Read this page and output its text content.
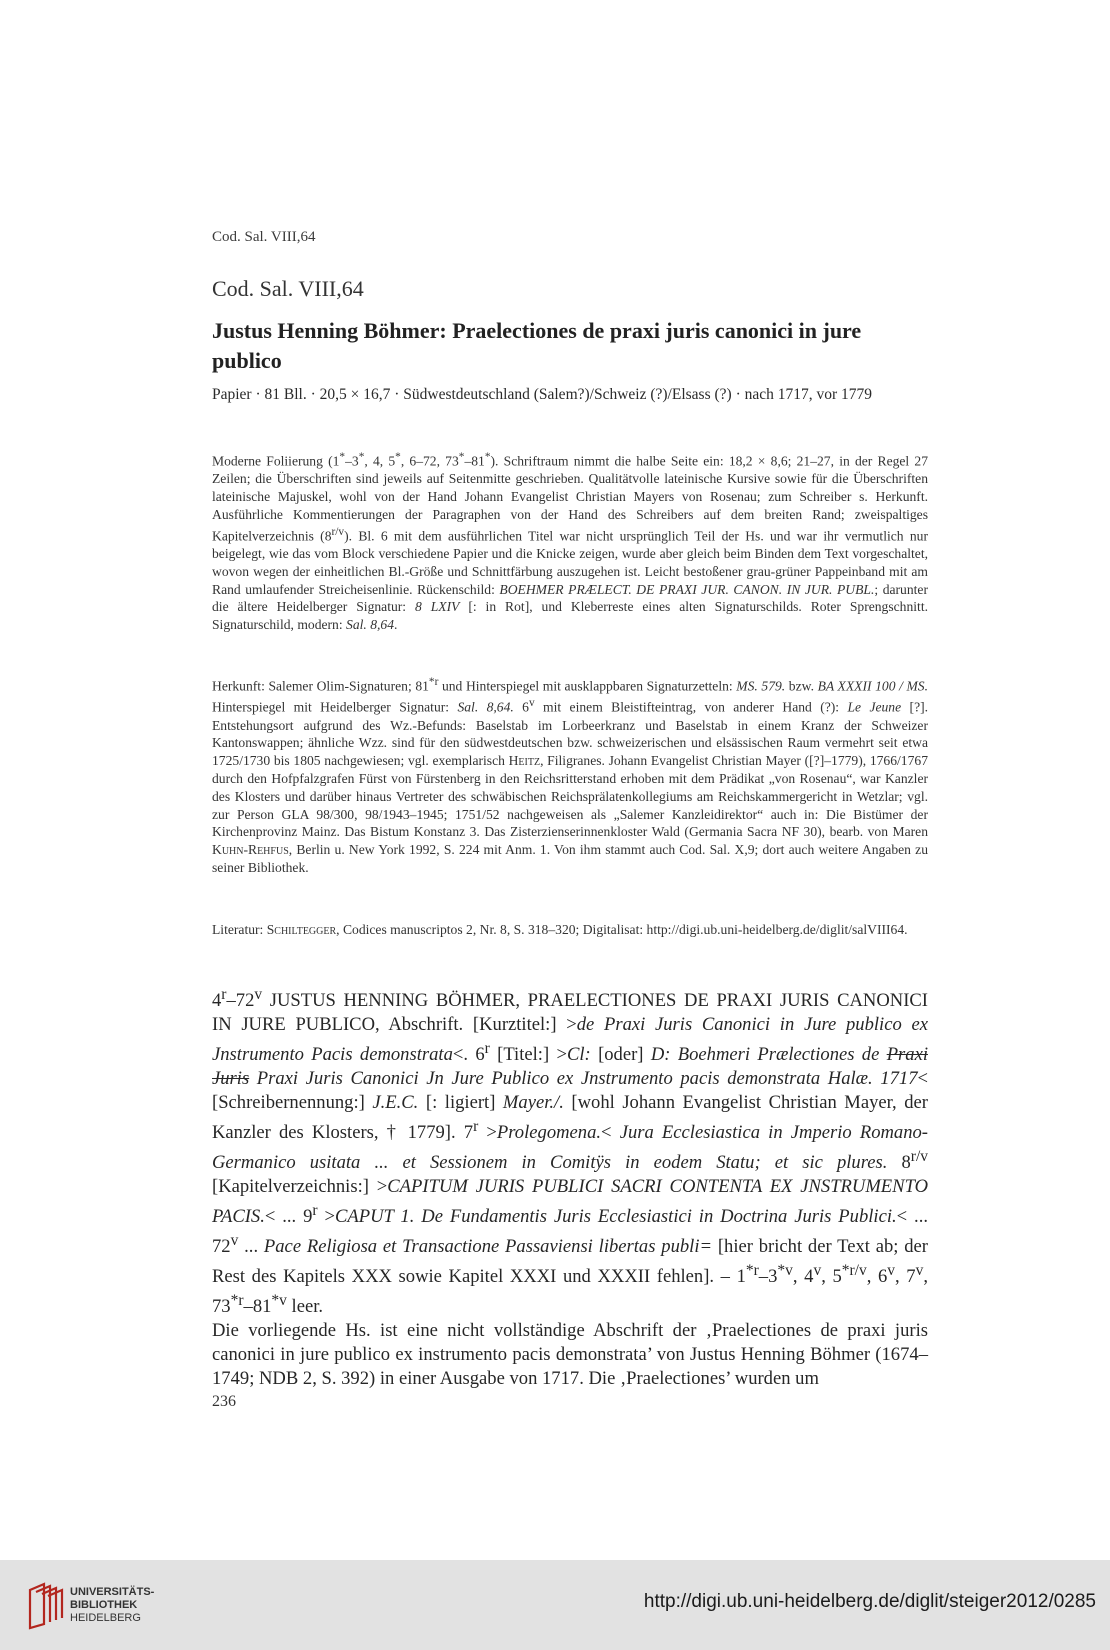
Cod. Sal. VIII,64
Cod. Sal. VIII,64
Justus Henning Böhmer: Praelectiones de praxi juris canonici in jure publico
Papier · 81 Bll. · 20,5 × 16,7 · Südwestdeutschland (Salem?)/Schweiz (?)/Elsass (?) · nach 1717, vor 1779
Moderne Foliierung (1*–3*, 4, 5*, 6–72, 73*–81*). Schriftraum nimmt die halbe Seite ein: 18,2 × 8,6; 21–27, in der Regel 27 Zeilen; die Überschriften sind jeweils auf Seitenmitte geschrieben. Qualitätvolle lateinische Kursive sowie für die Überschriften lateinische Majuskel, wohl von der Hand Johann Evangelist Christian Mayers von Rosenau; zum Schreiber s. Herkunft. Ausführliche Kommentierungen der Paragraphen von der Hand des Schreibers auf dem breiten Rand; zweispaltiges Kapitelverzeichnis $(8^{r/v})$. Bl. 6 mit dem ausführlichen Titel war nicht ursprünglich Teil der Hs. und war ihr vermutlich nur beigelegt, wie das vom Block verschiedene Papier und die Knicke zeigen, wurde aber gleich beim Binden dem Text vorgeschaltet, wovon wegen der einheitlichen Bl.-Größe und Schnittfärbung auszugehen ist. Leicht bestoßener grau-grüner Pappeinband mit am Rand umlaufender Streicheisenlinie. Rückenschild: BOEHMER PRÆLECT. DE PRAXI JUR. CANON. IN JUR. PUBL.; darunter die ältere Heidelberger Signatur: 8 LXIV [: in Rot], und Kleberreste eines alten Signaturschilds. Roter Sprengschnitt. Signaturschild, modern: Sal. 8,64.
Herkunft: Salemer Olim-Signaturen; 81$^{*r}$ und Hinterspiegel mit ausklappbaren Signaturzetteln: MS. 579. bzw. BA XXXII 100 / MS. Hinterspiegel mit Heidelberger Signatur: Sal. 8,64. 6$^v$ mit einem Bleistifteintrag, von anderer Hand (?): Le Jeune [?]. Entstehungsort aufgrund des Wz.-Befunds: Baselstab im Lorbeerkranz und Baselstab in einem Kranz der Schweizer Kantonswappen; ähnliche Wzz. sind für den südwestdeutschen bzw. schweizerischen und elsässischen Raum vermehrt seit etwa 1725/1730 bis 1805 nachgewiesen; vgl. exemplarisch Heitz, Filigranes. Johann Evangelist Christian Mayer ([?]–1779), 1766/1767 durch den Hofpfalzgrafen Fürst von Fürstenberg in den Reichsritterstand erhoben mit dem Prädikat „von Rosenau“, war Kanzler des Klosters und darüber hinaus Vertreter des schwäbischen Reichsprälatenkollegiums am Reichskammergericht in Wetzlar; vgl. zur Person GLA 98/300, 98/1943–1945; 1751/52 nachgeweisen als „Salemer Kanzleidirektor“ auch in: Die Bistümer der Kirchenprovinz Mainz. Das Bistum Konstanz 3. Das Zisterzienserinnenkloster Wald (Germania Sacra NF 30), bearb. von Maren Kuhn-Rehfus, Berlin u. New York 1992, S. 224 mit Anm. 1. Von ihm stammt auch Cod. Sal. X,9; dort auch weitere Angaben zu seiner Bibliothek.
Literatur: Schiltegger, Codices manuscriptos 2, Nr. 8, S. 318–320; Digitalisat: http://digi.ub.uni-heidelberg.de/diglit/salVIII64.
4$^r$–72$^v$ JUSTUS HENNING BÖHMER, PRAELECTIONES DE PRAXI JURIS CANONICI IN JURE PUBLICO, Abschrift. [Kurztitel:] >de Praxi Juris Canonici in Jure publico ex Jnstrumento Pacis demonstrata<. 6$^r$ [Titel:] >Cl: [oder] D: Boehmeri Prælectiones de Praxi Juris Praxi Juris Canonici Jn Jure Publico ex Jnstrumento pacis demonstrata Halæ. 1717< [Schreibernennung:] J.E.C. [: ligiert] Mayer./. [wohl Johann Evangelist Christian Mayer, der Kanzler des Klosters, † 1779]. $7^r$ >Prolegomena.< Jura Ecclesiastica in Jmperio Romano-Germanico usitata ... et Sessionem in Comitÿs in eodem Statu; et sic plures. $8^{r/v}$ [Kapitelverzeichnis:] >CAPITUM JURIS PUBLICI SACRI CONTENTA EX JNSTRUMENTO PACIS.< ... $9^r$ >CAPUT 1. De Fundamentis Juris Ecclesiastici in Doctrina Juris Publici.< ... 72$^v$ ... Pace Religiosa et Transactione Passaviensi libertas publi= [hier bricht der Text ab; der Rest des Kapitels XXX sowie Kapitel XXXI und XXXII fehlen]. – 1$^{*r}$–3$^{*v}$, 4$^v$, $5^{*r/v}$, 6$^v$, 7$^v$, 73$^{*r}$–81$^{*v}$ leer.
Die vorliegende Hs. ist eine nicht vollständige Abschrift der ‚Praelectiones de praxi juris canonici in jure publico ex instrumento pacis demonstrata’ von Justus Henning Böhmer (1674–1749; NDB 2, S. 392) in einer Ausgabe von 1717. Die ‚Praelectiones’ wurden um
236
UNIVERSITÄTS-
BIBLIOTHEK
HEIDELBERG
http://digi.ub.uni-heidelberg.de/diglit/steiger2012/0285
